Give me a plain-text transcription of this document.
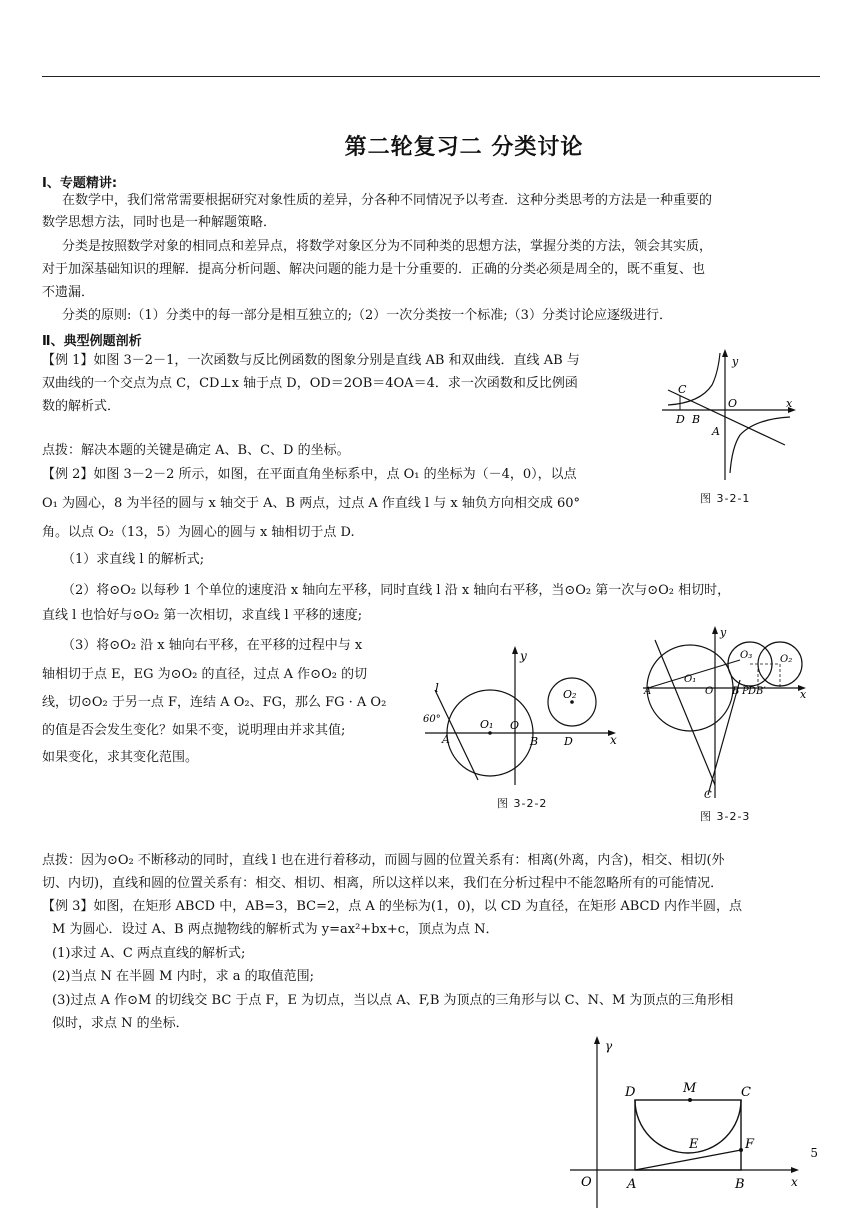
第二轮复习二 分类讨论
Ⅰ、专题精讲:
在数学中，我们常常需要根据研究对象性质的差异，分各种不同情况予以考查．这种分类思考的方法是一种重要的
数学思想方法，同时也是一种解题策略．
分类是按照数学对象的相同点和差异点，将数学对象区分为不同种类的思想方法，掌握分类的方法，领会其实质，
对于加深基础知识的理解．提高分析问题、解决问题的能力是十分重要的．正确的分类必须是周全的，既不重复、也
不遗漏．
分类的原则:（1）分类中的每一部分是相互独立的;（2）一次分类按一个标准;（3）分类讨论应逐级进行．
Ⅱ、典型例题剖析
【例 1】如图 3－2－1，一次函数与反比例函数的图象分别是直线 AB 和双曲线．直线 AB 与
双曲线的一个交点为点 C，CD⊥x 轴于点 D，OD＝2OB＝4OA＝4．求一次函数和反比例函
数的解析式．
点拨：解决本题的关键是确定 A、B、C、D 的坐标。
y
x
O
C
D B
A
图 3-2-1
【例 2】如图 3－2－2 所示，如图，在平面直角坐标系中，点 O₁ 的坐标为（－4，0），以点
O₁ 为圆心，8 为半径的圆与 x 轴交于 A、B 两点，过点 A 作直线 l 与 x 轴负方向相交成 60°
角。以点 O₂（13，5）为圆心的圆与 x 轴相切于点 D.
（1）求直线 l 的解析式;
（2）将⊙O₂ 以每秒 1 个单位的速度沿 x 轴向左平移，同时直线 l 沿 x 轴向右平移，当⊙O₂ 第一次与⊙O₂ 相切时，
直线 l 也恰好与⊙O₂ 第一次相切，求直线 l 平移的速度;
（3）将⊙O₂ 沿 x 轴向右平移，在平移的过程中与 x
轴相切于点 E，EG 为⊙O₂ 的直径，过点 A 作⊙O₂ 的切
线，切⊙O₂ 于另一点 F，连结 A O₂、FG，那么 FG · A O₂
的值是否会发生变化？如果不变，说明理由并求其值;
如果变化，求其变化范围。
l
60°
A
O₁ O
B D
O₂
x
y
图 3-2-2
A
O₁
O B P D B′
O₃	O₂
x
y
C
图 3-2-3
点拨：因为⊙O₂ 不断移动的同时，直线 l 也在进行着移动，而圆与圆的位置关系有：相离(外离，内含)，相交、相切(外
切、内切)，直线和圆的位置关系有：相交、相切、相离，所以这样以来，我们在分析过程中不能忽略所有的可能情况．
【例 3】如图，在矩形 ABCD 中，AB=3，BC=2，点 A 的坐标为(1，0)，以 CD 为直径，在矩形 ABCD 内作半圆，点
M 为圆心．设过 A、B 两点抛物线的解析式为 y=ax²+bx+c，顶点为点 N．
(1)求过 A、C 两点直线的解析式;
(2)当点 N 在半圆 M 内时，求 a 的取值范围;
(3)过点 A 作⊙M 的切线交 BC 于点 F，E 为切点，当以点 A、F,B 为顶点的三角形与以 C、N、M 为顶点的三角形相
似时，求点 N 的坐标．
γ
D	M	C
E	F
O	A	B	x
5
